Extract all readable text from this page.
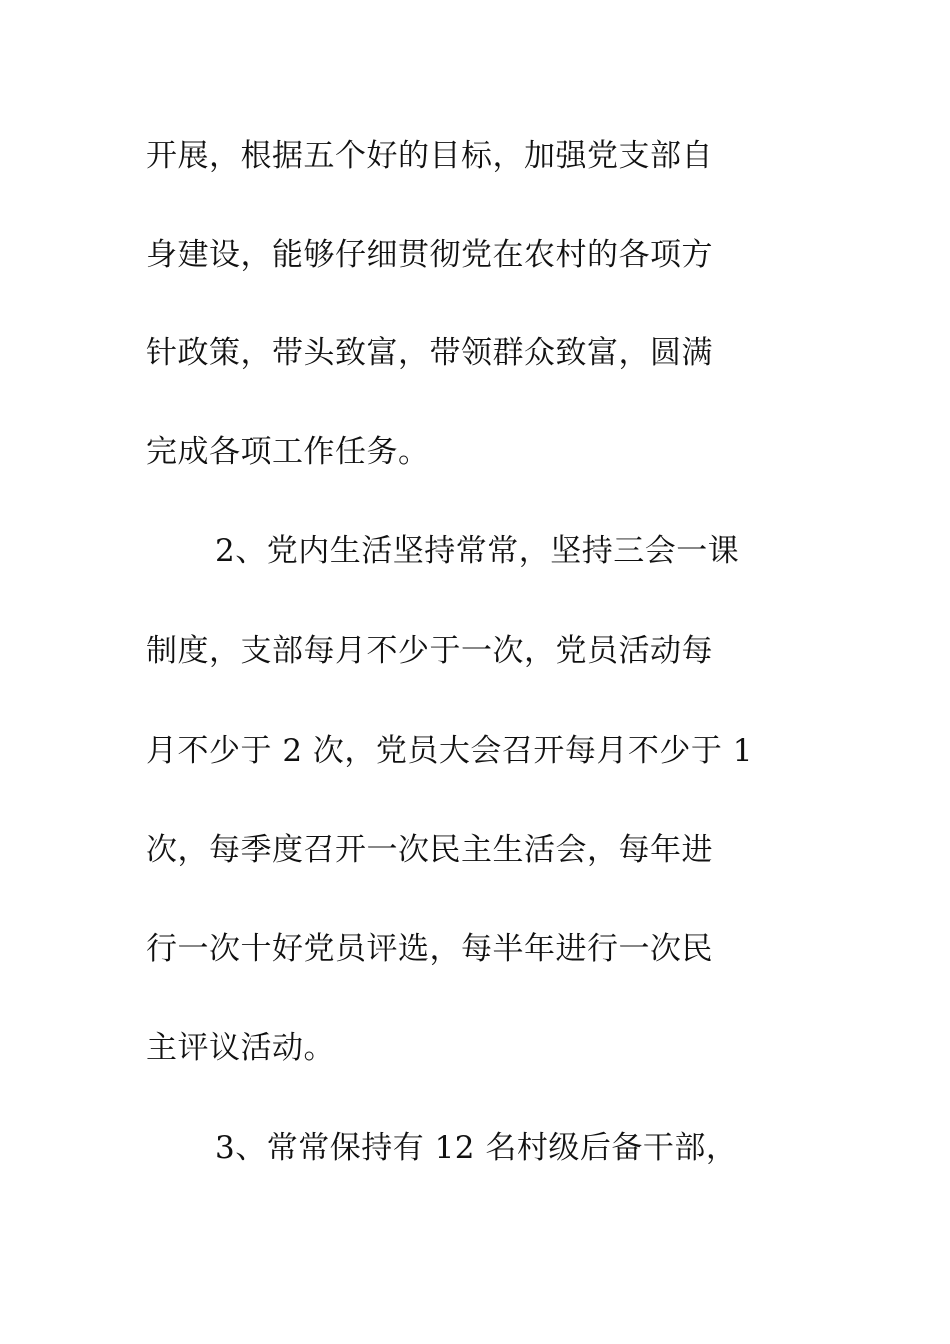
开展，根据五个好的目标，加强党支部自
身建设，能够仔细贯彻党在农村的各项方
针政策，带头致富，带领群众致富，圆满
完成各项工作任务。
2、党内生活坚持常常，坚持三会一课
制度，支部每月不少于一次，党员活动每
月不少于 2 次，党员大会召开每月不少于 1
次，每季度召开一次民主生活会，每年进
行一次十好党员评选，每半年进行一次民
主评议活动。
3、常常保持有 12 名村级后备干部，
